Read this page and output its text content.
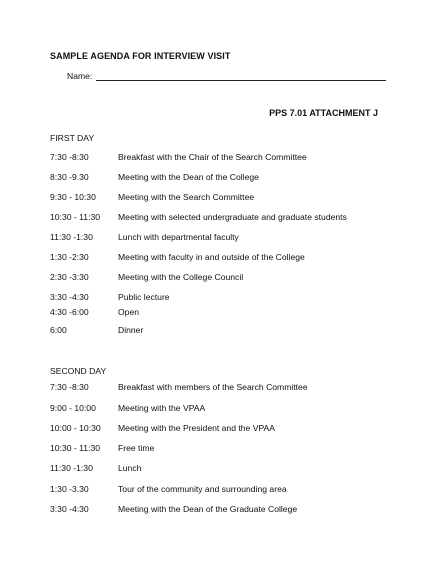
SAMPLE AGENDA FOR INTERVIEW VISIT
Name:
PPS 7.01 ATTACHMENT J
FIRST DAY
7:30 -8:30	Breakfast with the Chair of the Search Committee
8:30 -9.30	Meeting with the Dean of the College
9:30 - 10:30	Meeting with the Search Committee
10:30 - 11:30	Meeting with selected undergraduate and graduate students
11:30 -1:30	Lunch with departmental faculty
1:30 -2:30	Meeting with faculty in and outside of the College
2:30 -3:30	Meeting with the College Council
3:30 -4:30	Public lecture
4:30 -6:00	Open
6:00	Dinner
SECOND DAY
7:30 -8:30	Breakfast with members of the Search Committee
9:00 - 10:00	Meeting with the VPAA
10:00 - 10:30	Meeting with the President and the VPAA
10:30 - 11:30	Free time
11:30 -1:30	Lunch
1:30 -3.30	Tour of the community and surrounding area
3:30 -4:30	Meeting with the Dean of the Graduate College
